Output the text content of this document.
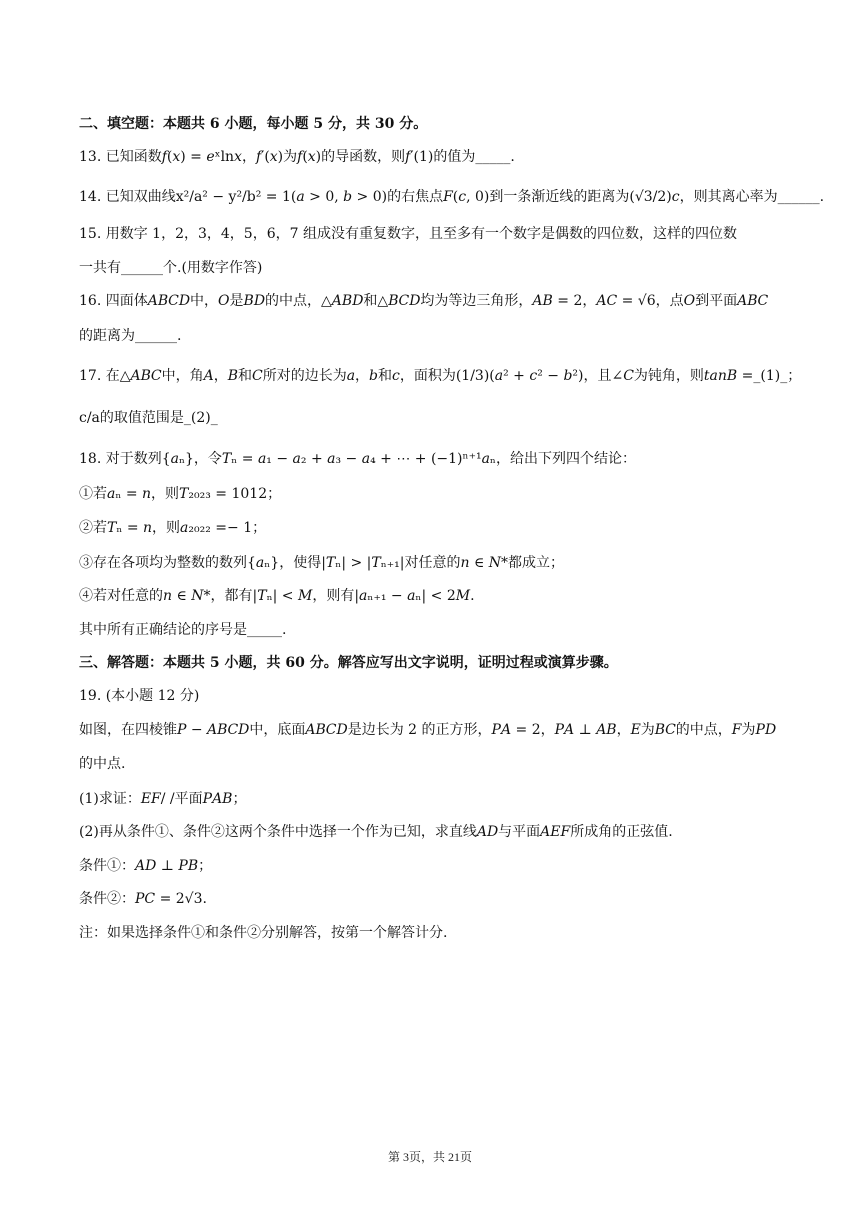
二、填空题：本题共 6 小题，每小题 5 分，共 30 分。
13. 已知函数𝑓(𝑥) = 𝑒ˣln𝑥，𝑓′(𝑥)为𝑓(𝑥)的导函数，则𝑓′(1)的值为_____.
14. 已知双曲线x²/a² − y²/b² = 1(𝑎 > 0, 𝑏 > 0)的右焦点𝐹(𝑐, 0)到一条渐近线的距离为(√3/2)𝑐，则其离心率为______.
15. 用数字 1，2，3，4，5，6，7 组成没有重复数字，且至多有一个数字是偶数的四位数，这样的四位数
一共有______个.(用数字作答)
16. 四面体𝐴𝐵𝐶𝐷中，𝑂是𝐵𝐷的中点，△𝐴𝐵𝐷和△𝐵𝐶𝐷均为等边三角形，𝐴𝐵 = 2，𝐴𝐶 = √6，点𝑂到平面𝐴𝐵𝐶
的距离为______.
17. 在△𝐴𝐵𝐶中，角𝐴，𝐵和𝐶所对的边长为𝑎，𝑏和𝑐，面积为(1/3)(𝑎² + 𝑐² − 𝑏²)，且∠𝐶为钝角，则𝑡𝑎𝑛𝐵 =_(1)_；
c/a的取值范围是_(2)_
18. 对于数列{𝑎ₙ}，令𝑇ₙ = 𝑎₁ − 𝑎₂ + 𝑎₃ − 𝑎₄ + ⋯ + (−1)ⁿ⁺¹𝑎ₙ，给出下列四个结论：
①若𝑎ₙ = 𝑛，则𝑇₂₀₂₃ = 1012；
②若𝑇ₙ = 𝑛，则𝑎₂₀₂₂ =− 1；
③存在各项均为整数的数列{𝑎ₙ}，使得|𝑇ₙ| > |𝑇ₙ₊₁|对任意的𝑛 ∈ 𝑁*都成立；
④若对任意的𝑛 ∈ 𝑁*，都有|𝑇ₙ| < 𝑀，则有|𝑎ₙ₊₁ − 𝑎ₙ| < 2𝑀.
其中所有正确结论的序号是_____.
三、解答题：本题共 5 小题，共 60 分。解答应写出文字说明，证明过程或演算步骤。
19. (本小题 12 分)
如图，在四棱锥𝑃 − 𝐴𝐵𝐶𝐷中，底面𝐴𝐵𝐶𝐷是边长为 2 的正方形，𝑃𝐴 = 2，𝑃𝐴 ⊥ 𝐴𝐵，𝐸为𝐵𝐶的中点，𝐹为𝑃𝐷
的中点.
(1)求证：𝐸𝐹/ /平面𝑃𝐴𝐵；
(2)再从条件①、条件②这两个条件中选择一个作为已知，求直线𝐴𝐷与平面𝐴𝐸𝐹所成角的正弦值.
条件①：𝐴𝐷 ⊥ 𝑃𝐵；
条件②：𝑃𝐶 = 2√3.
注：如果选择条件①和条件②分别解答，按第一个解答计分.
第 3页，共 21页
